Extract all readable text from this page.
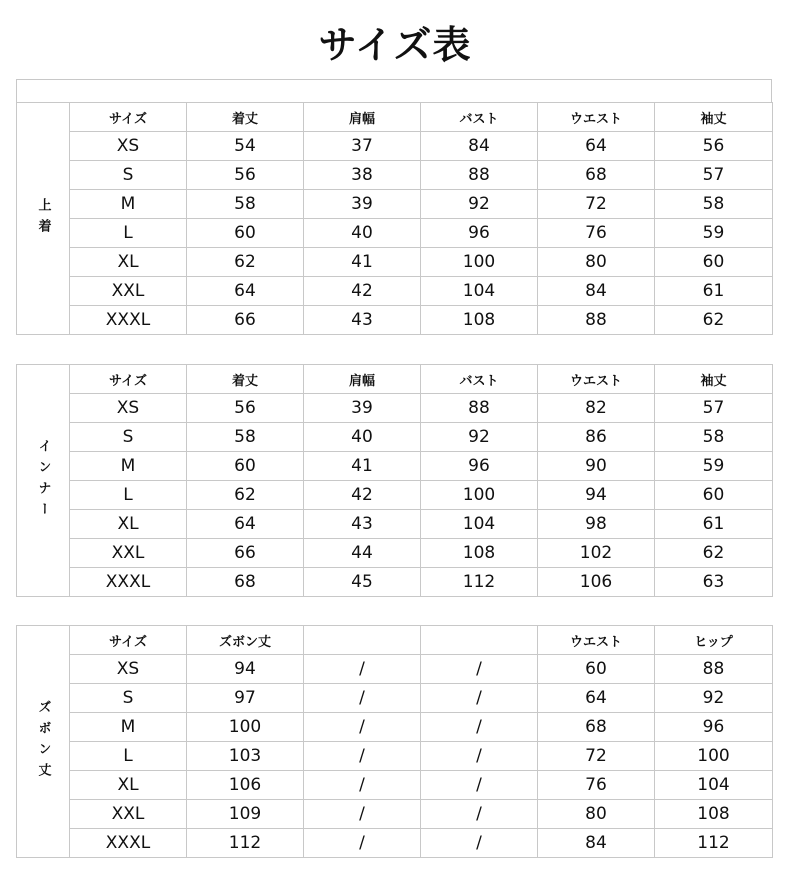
サイズ表
上着
サイズ	着丈	肩幅	バスト	ウエスト	袖丈
XS	54	37	84	64	56
S	56	38	88	68	57
M	58	39	92	72	58
L	60	40	96	76	59
XL	62	41	100	80	60
XXL	64	42	104	84	61
XXXL	66	43	108	88	62
インナー
サイズ	着丈	肩幅	バスト	ウエスト	袖丈
XS	56	39	88	82	57
S	58	40	92	86	58
M	60	41	96	90	59
L	62	42	100	94	60
XL	64	43	104	98	61
XXL	66	44	108	102	62
XXXL	68	45	112	106	63
ズボン丈
サイズ	ズボン丈			ウエスト	ヒップ
XS	94	/	/	60	88
S	97	/	/	64	92
M	100	/	/	68	96
L	103	/	/	72	100
XL	106	/	/	76	104
XXL	109	/	/	80	108
XXXL	112	/	/	84	112
